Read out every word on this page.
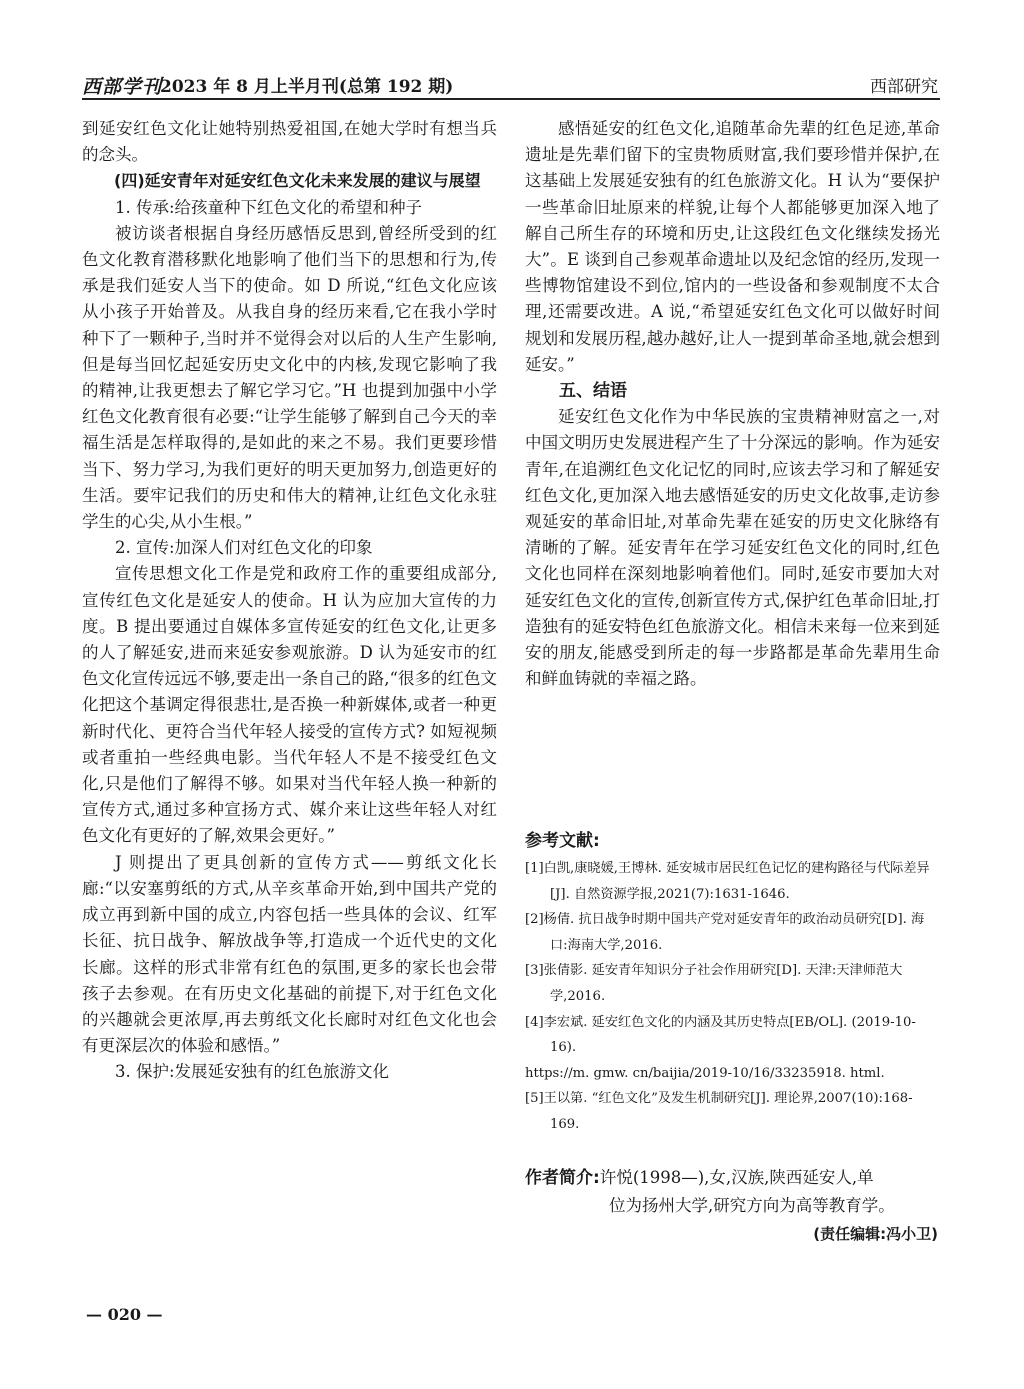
西部学刊
2023 年 8 月上半月刊(总第 192 期)	西部研究

到延安红色文化让她特别热爱祖国,在她大学时有想当兵的念头。

(四)延安青年对延安红色文化未来发展的建议与展望

1. 传承:给孩童种下红色文化的希望和种子

被访谈者根据自身经历感悟反思到,曾经所受到的红色文化教育潜移默化地影响了他们当下的思想和行为,传承是我们延安人当下的使命。如 D 所说,“红色文化应该从小孩子开始普及。从我自身的经历来看,它在我小学时种下了一颗种子,当时并不觉得会对以后的人生产生影响,但是每当回忆起延安历史文化中的内核,发现它影响了我的精神,让我更想去了解它学习它。”H 也提到加强中小学红色文化教育很有必要:“让学生能够了解到自己今天的幸福生活是怎样取得的,是如此的来之不易。我们更要珍惜当下、努力学习,为我们更好的明天更加努力,创造更好的生活。要牢记我们的历史和伟大的精神,让红色文化永驻学生的心尖,从小生根。”

2. 宣传:加深人们对红色文化的印象

宣传思想文化工作是党和政府工作的重要组成部分,宣传红色文化是延安人的使命。H 认为应加大宣传的力度。B 提出要通过自媒体多宣传延安的红色文化,让更多的人了解延安,进而来延安参观旅游。D 认为延安市的红色文化宣传远远不够,要走出一条自己的路,“很多的红色文化把这个基调定得很悲壮,是否换一种新媒体,或者一种更新时代化、更符合当代年轻人接受的宣传方式? 如短视频或者重拍一些经典电影。当代年轻人不是不接受红色文化,只是他们了解得不够。如果对当代年轻人换一种新的宣传方式,通过多种宣扬方式、媒介来让这些年轻人对红色文化有更好的了解,效果会更好。”

J 则提出了更具创新的宣传方式——剪纸文化长廊:“以安塞剪纸的方式,从辛亥革命开始,到中国共产党的成立再到新中国的成立,内容包括一些具体的会议、红军长征、抗日战争、解放战争等,打造成一个近代史的文化长廊。这样的形式非常有红色的氛围,更多的家长也会带孩子去参观。在有历史文化基础的前提下,对于红色文化的兴趣就会更浓厚,再去剪纸文化长廊时对红色文化也会有更深层次的体验和感悟。”

3. 保护:发展延安独有的红色旅游文化

感悟延安的红色文化,追随革命先辈的红色足迹,革命遗址是先辈们留下的宝贵物质财富,我们要珍惜并保护,在这基础上发展延安独有的红色旅游文化。H 认为“要保护一些革命旧址原来的样貌,让每个人都能够更加深入地了解自己所生存的环境和历史,让这段红色文化继续发扬光大”。E 谈到自己参观革命遗址以及纪念馆的经历,发现一些博物馆建设不到位,馆内的一些设备和参观制度不太合理,还需要改进。A 说,“希望延安红色文化可以做好时间规划和发展历程,越办越好,让人一提到革命圣地,就会想到延安。”

五、结语

延安红色文化作为中华民族的宝贵精神财富之一,对中国文明历史发展进程产生了十分深远的影响。作为延安青年,在追溯红色文化记忆的同时,应该去学习和了解延安红色文化,更加深入地去感悟延安的历史文化故事,走访参观延安的革命旧址,对革命先辈在延安的历史文化脉络有清晰的了解。延安青年在学习延安红色文化的同时,红色文化也同样在深刻地影响着他们。同时,延安市要加大对延安红色文化的宣传,创新宣传方式,保护红色革命旧址,打造独有的延安特色红色旅游文化。相信未来每一位来到延安的朋友,能感受到所走的每一步路都是革命先辈用生命和鲜血铸就的幸福之路。

参考文献:

[1]白凯,康晓媛,王博林. 延安城市居民红色记忆的建构路径与代际差异[J]. 自然资源学报,2021(7):1631-1646.

[2]杨倩. 抗日战争时期中国共产党对延安青年的政治动员研究[D]. 海口:海南大学,2016.

[3]张倩影. 延安青年知识分子社会作用研究[D]. 天津:天津师范大学,2016.

[4]李宏斌. 延安红色文化的内涵及其历史特点[EB/OL]. (2019-10-16).

https://m. gmw. cn/baijia/2019-10/16/33235918. html.

[5]王以第. “红色文化”及发生机制研究[J]. 理论界,2007(10):168-169.

作者简介:许悦(1998—),女,汉族,陕西延安人,单
位为扬州大学,研究方向为高等教育学。
(责任编辑:冯小卫)
— 020 —
